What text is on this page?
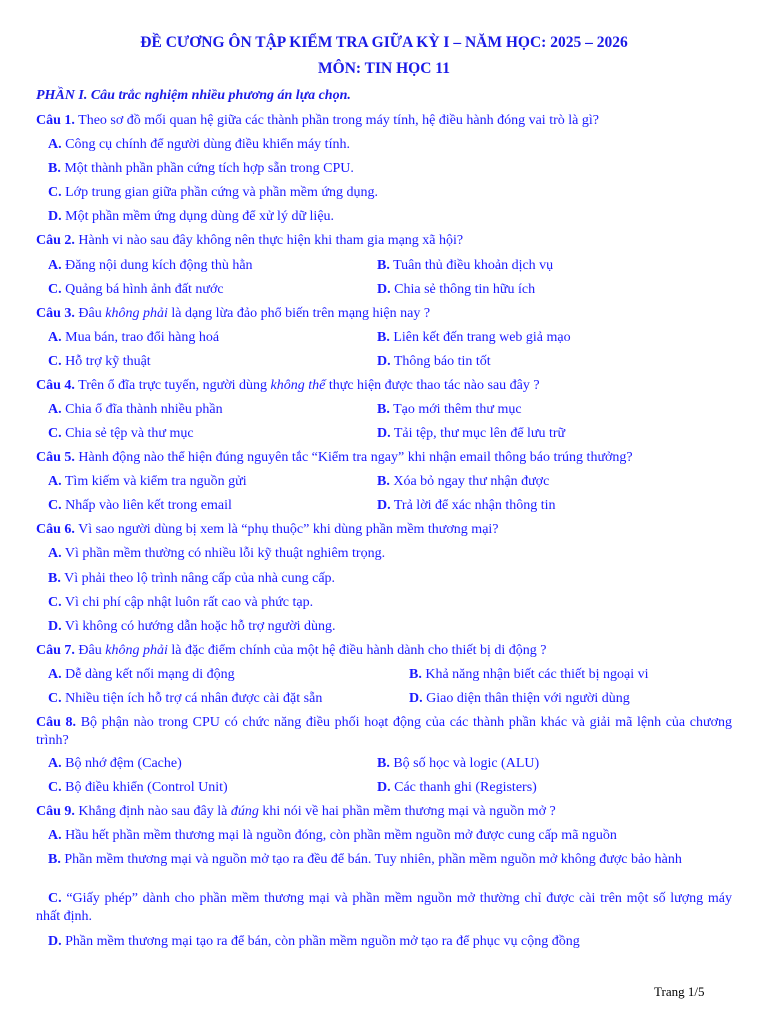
ĐỀ CƯƠNG ÔN TẬP KIỂM TRA GIỮA KỲ I – NĂM HỌC: 2025 – 2026
MÔN: TIN HỌC 11
PHẦN I. Câu trắc nghiệm nhiều phương án lựa chọn.
Câu 1. Theo sơ đồ mối quan hệ giữa các thành phần trong máy tính, hệ điều hành đóng vai trò là gì?
A. Công cụ chính để người dùng điều khiển máy tính.
B. Một thành phần phần cứng tích hợp sẵn trong CPU.
C. Lớp trung gian giữa phần cứng và phần mềm ứng dụng.
D. Một phần mềm ứng dụng dùng để xử lý dữ liệu.
Câu 2. Hành vi nào sau đây không nên thực hiện khi tham gia mạng xã hội?
A. Đăng nội dung kích động thù hằn	B. Tuân thủ điều khoản dịch vụ
C. Quảng bá hình ảnh đất nước	D. Chia sẻ thông tin hữu ích
Câu 3. Đâu không phải là dạng lừa đảo phổ biến trên mạng hiện nay ?
A. Mua bán, trao đổi hàng hoá	B. Liên kết đến trang web giả mạo
C. Hỗ trợ kỹ thuật	D. Thông báo tin tốt
Câu 4. Trên ổ đĩa trực tuyến, người dùng không thể thực hiện được thao tác nào sau đây ?
A. Chia ổ đĩa thành nhiều phần	B. Tạo mới thêm thư mục
C. Chia sẻ tệp và thư mục	D. Tải tệp, thư mục lên để lưu trữ
Câu 5. Hành động nào thể hiện đúng nguyên tắc “Kiểm tra ngay” khi nhận email thông báo trúng thưởng?
A. Tìm kiếm và kiểm tra nguồn gửi	B. Xóa bỏ ngay thư nhận được
C. Nhấp vào liên kết trong email	D. Trả lời để xác nhận thông tin
Câu 6. Vì sao người dùng bị xem là “phụ thuộc” khi dùng phần mềm thương mại?
A. Vì phần mềm thường có nhiều lỗi kỹ thuật nghiêm trọng.
B. Vì phải theo lộ trình nâng cấp của nhà cung cấp.
C. Vì chi phí cập nhật luôn rất cao và phức tạp.
D. Vì không có hướng dẫn hoặc hỗ trợ người dùng.
Câu 7. Đâu không phải là đặc điểm chính của một hệ điều hành dành cho thiết bị di động ?
A. Dễ dàng kết nối mạng di động	B. Khả năng nhận biết các thiết bị ngoại vi
C. Nhiều tiện ích hỗ trợ cá nhân được cài đặt sẵn	D. Giao diện thân thiện với người dùng
Câu 8. Bộ phận nào trong CPU có chức năng điều phối hoạt động của các thành phần khác và giải mã lệnh của chương trình?
A. Bộ nhớ đệm (Cache)	B. Bộ số học và logic (ALU)
C. Bộ điều khiển (Control Unit)	D. Các thanh ghi (Registers)
Câu 9. Khẳng định nào sau đây là đúng khi nói về hai phần mềm thương mại và nguồn mở ?
A. Hầu hết phần mềm thương mại là nguồn đóng, còn phần mềm nguồn mở được cung cấp mã nguồn
B. Phần mềm thương mại và nguồn mở tạo ra đều để bán. Tuy nhiên, phần mềm nguồn mở không được bảo hành
C. “Giấy phép” dành cho phần mềm thương mại và phần mềm nguồn mở thường chỉ được cài trên một số lượng máy nhất định.
D. Phần mềm thương mại tạo ra để bán, còn phần mềm nguồn mở tạo ra để phục vụ cộng đồng
Trang 1/5
